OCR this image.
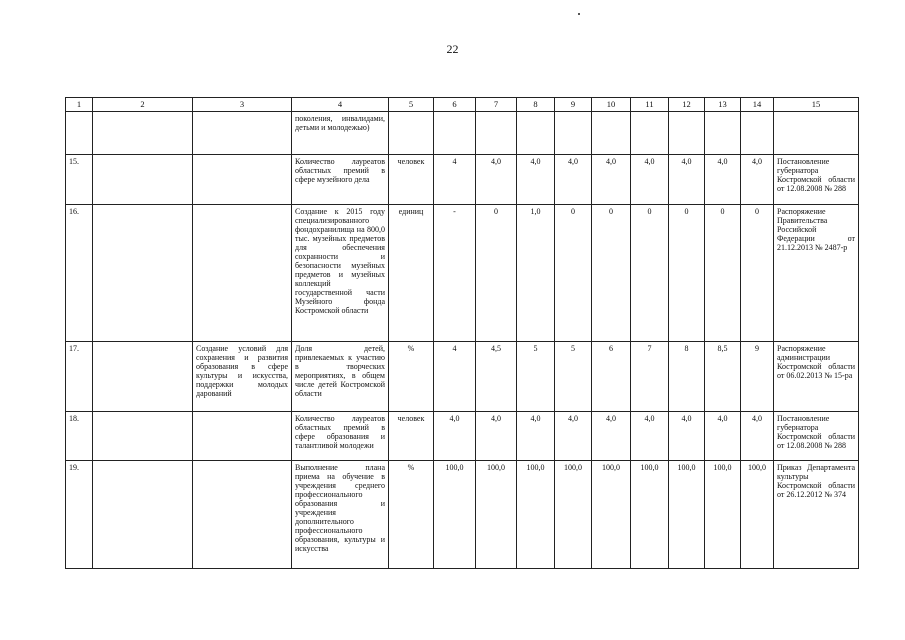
22
1	2	3	4	5	6	7	8	9	10	11	12	13	14	15
			поколения, инвалидами, детьми и молодежью)											
15.			Количество лауреатов областных премий в сфере музейного дела	человек	4	4,0	4,0	4,0	4,0	4,0	4,0	4,0	4,0	Постановление губернатора Костромской области от 12.08.2008 № 288
16.			Создание к 2015 году специализированного фондохранилища на 800,0 тыс. музейных предметов для обеспечения сохранности и безопасности музейных предметов и музейных коллекций государственной части Музейного фонда Костромской области	единиц	-	0	1,0	0	0	0	0	0	0	Распоряжение Правительства Российской Федерации от 21.12.2013 № 2487-р
17.		Создание условий для сохранения и развития образования в сфере культуры и искусства, поддержки молодых дарований	Доля детей, привлекаемых к участию в творческих мероприятиях, в общем числе детей Костромской области	%	4	4,5	5	5	6	7	8	8,5	9	Распоряжение администрации Костромской области от 06.02.2013 № 15-ра
18.			Количество лауреатов областных премий в сфере образования и талантливой молодежи	человек	4,0	4,0	4,0	4,0	4,0	4,0	4,0	4,0	4,0	Постановление губернатора Костромской области от 12.08.2008 № 288
19.			Выполнение плана приема на обучение в учреждения среднего профессионального образования и учреждения дополнительного профессионального образования, культуры и искусства	%	100,0	100,0	100,0	100,0	100,0	100,0	100,0	100,0	100,0	Приказ Департамента культуры Костромской области от 26.12.2012 № 374
